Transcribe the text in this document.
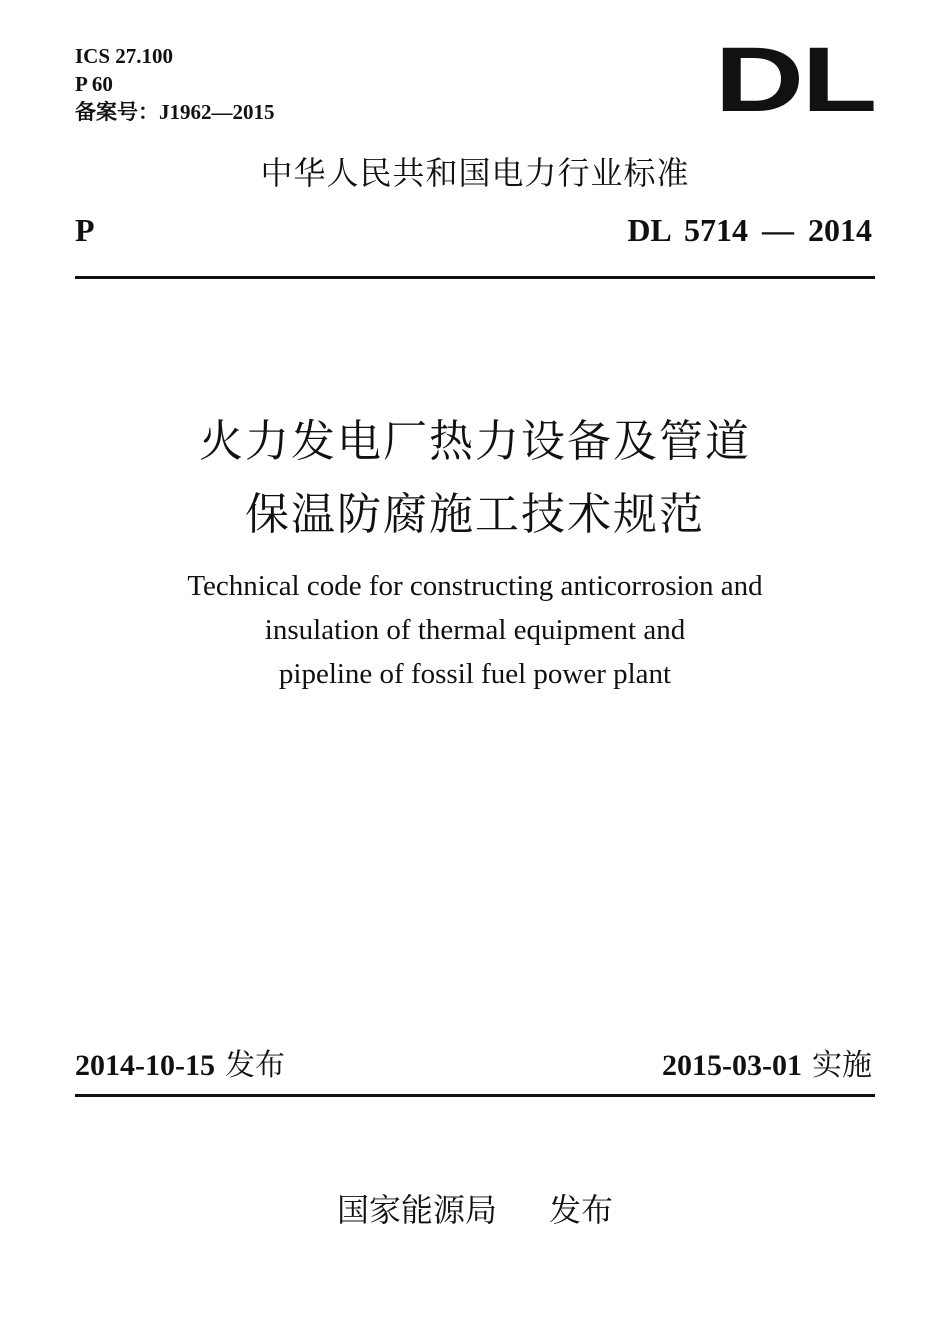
ICS 27.100
P 60
备案号：J1962—2015	DL
中华人民共和国电力行业标准
P	DL 5714 — 2014
火力发电厂热力设备及管道
保温防腐施工技术规范
Technical code for constructing anticorrosion and
insulation of thermal equipment and
pipeline of fossil fuel power plant
2014-10-15 发布	2015-03-01 实施
国家能源局 发布
